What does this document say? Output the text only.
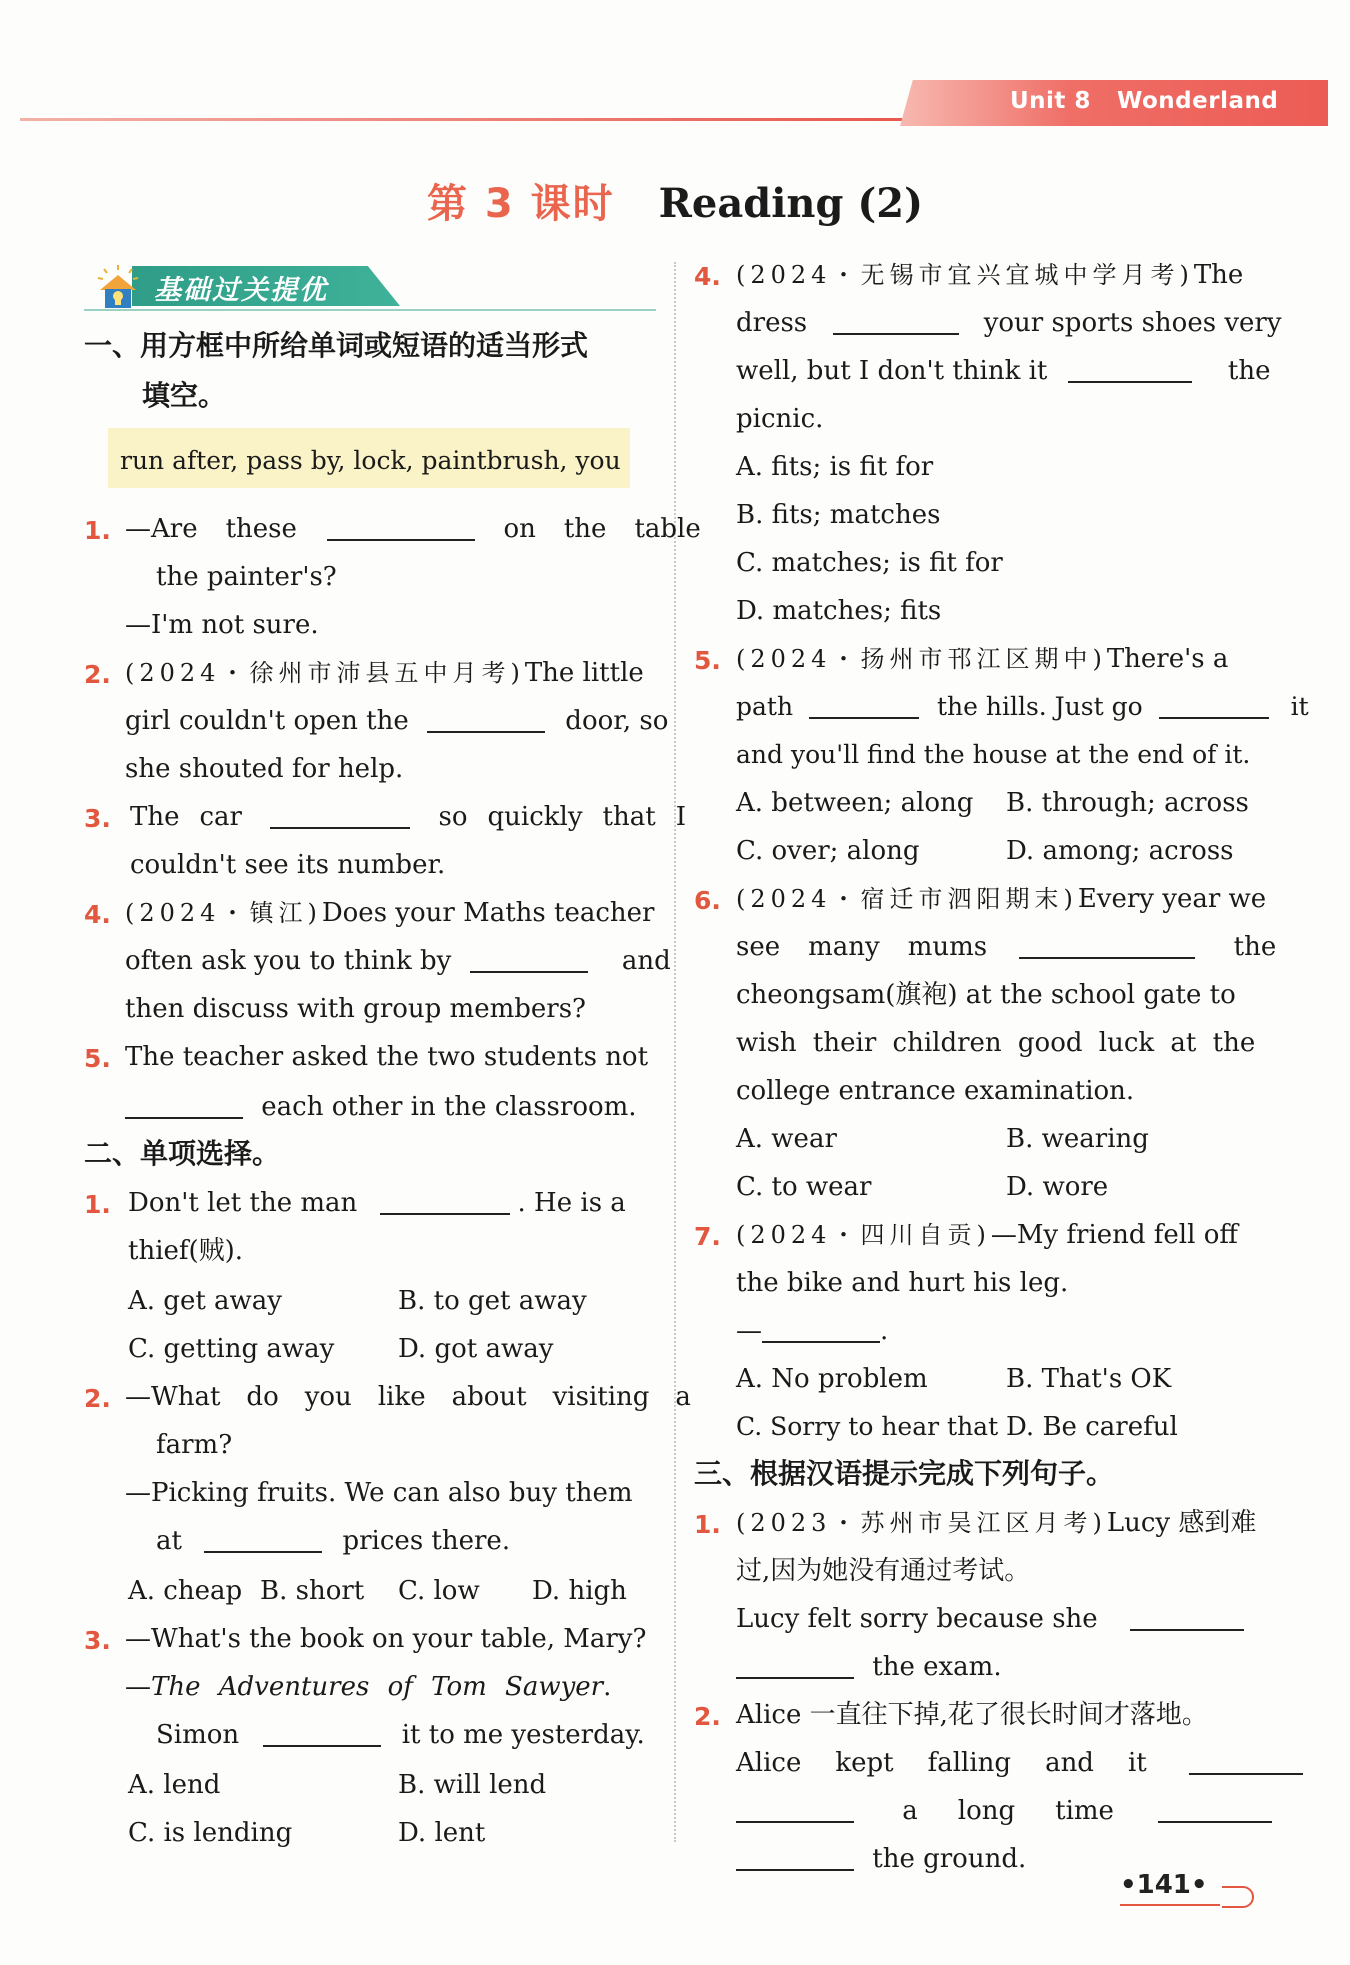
Unit 8 Wonderland
第 3 课时 Reading (2)
基础过关提优
一、用方框中所给单词或短语的适当形式
填空。
run after, pass by, lock, paintbrush, you
1. —Are these	on the table
the painter's?
—I'm not sure.
2. (2024・徐州市沛县五中月考)The little
girl couldn't open the	door, so
she shouted for help.
3. The car	so quickly that I
couldn't see its number.
4. (2024・镇江)Does your Maths teacher
often ask you to think by	and
then discuss with group members?
5. The teacher asked the two students not
each other in the classroom.
二、单项选择。
1. Don't let the man	. He is a
thief(贼).
A. get away	B. to get away
C. getting away D. got away
2. —What do you like about visiting a
farm?
—Picking fruits. We can also buy them
at	prices there.
A. cheap B. short C. low D. high
3. —What's the book on your table, Mary?
—The Adventures of Tom Sawyer.
Simon	it to me yesterday.
A. lend	B. will lend
C. is lending	D. lent
4. (2024・无锡市宜兴宜城中学月考)The
dress	your sports shoes very
well, but I don't think it	the
picnic.
A. fits; is fit for
B. fits; matches
C. matches; is fit for
D. matches; fits
5. (2024・扬州市邗江区期中)There's a
path	the hills. Just go	it
and you'll find the house at the end of it.
A. between; along B. through; across
C. over; along	D. among; across
6. (2024・宿迁市泗阳期末)Every year we
see many mums	the
cheongsam(旗袍) at the school gate to
wish their children good luck at the
college entrance examination.
A. wear	B. wearing
C. to wear	D. wore
7. (2024・四川自贡)—My friend fell off
the bike and hurt his leg.
—	.
A. No problem	B. That's OK
C. Sorry to hear that D. Be careful
三、根据汉语提示完成下列句子。
1. (2023・苏州市吴江区月考)Lucy 感到难
过,因为她没有通过考试。
Lucy felt sorry because she
the exam.
2. Alice 一直往下掉,花了很长时间才落地。
Alice kept falling and it
a long time
the ground.
•141•
